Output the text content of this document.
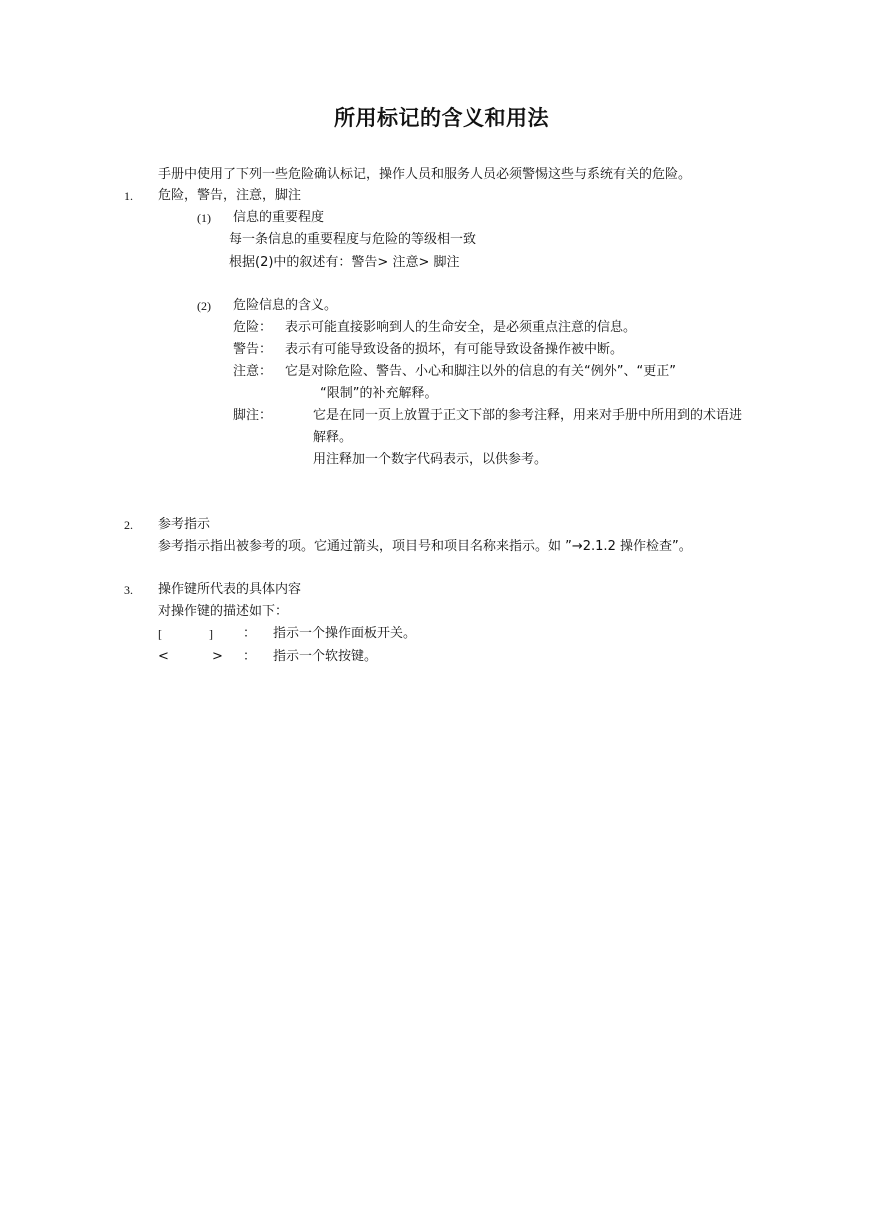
所用标记的含义和用法
手册中使用了下列一些危险确认标记，操作人员和服务人员必须警惕这些与系统有关的危险。
1. 危险，警告，注意，脚注
(1) 信息的重要程度
每一条信息的重要程度与危险的等级相一致
根据(2)中的叙述有：警告> 注意> 脚注
(2) 危险信息的含义。
危险： 表示可能直接影响到人的生命安全，是必须重点注意的信息。
警告： 表示有可能导致设备的损坏，有可能导致设备操作被中断。
注意： 它是对除危险、警告、小心和脚注以外的信息的有关“例外”、“更正”
“限制”的补充解释。
脚注：	它是在同一页上放置于正文下部的参考注释，用来对手册中所用到的术语进
解释。
用注释加一个数字代码表示，以供参考。
2. 参考指示
参考指示指出被参考的项。它通过箭头，项目号和项目名称来指示。如 ”→2.1.2 操作检查”。
3. 操作键所代表的具体内容
对操作键的描述如下：
[	] ： 指示一个操作面板开关。
<	> ： 指示一个软按键。
